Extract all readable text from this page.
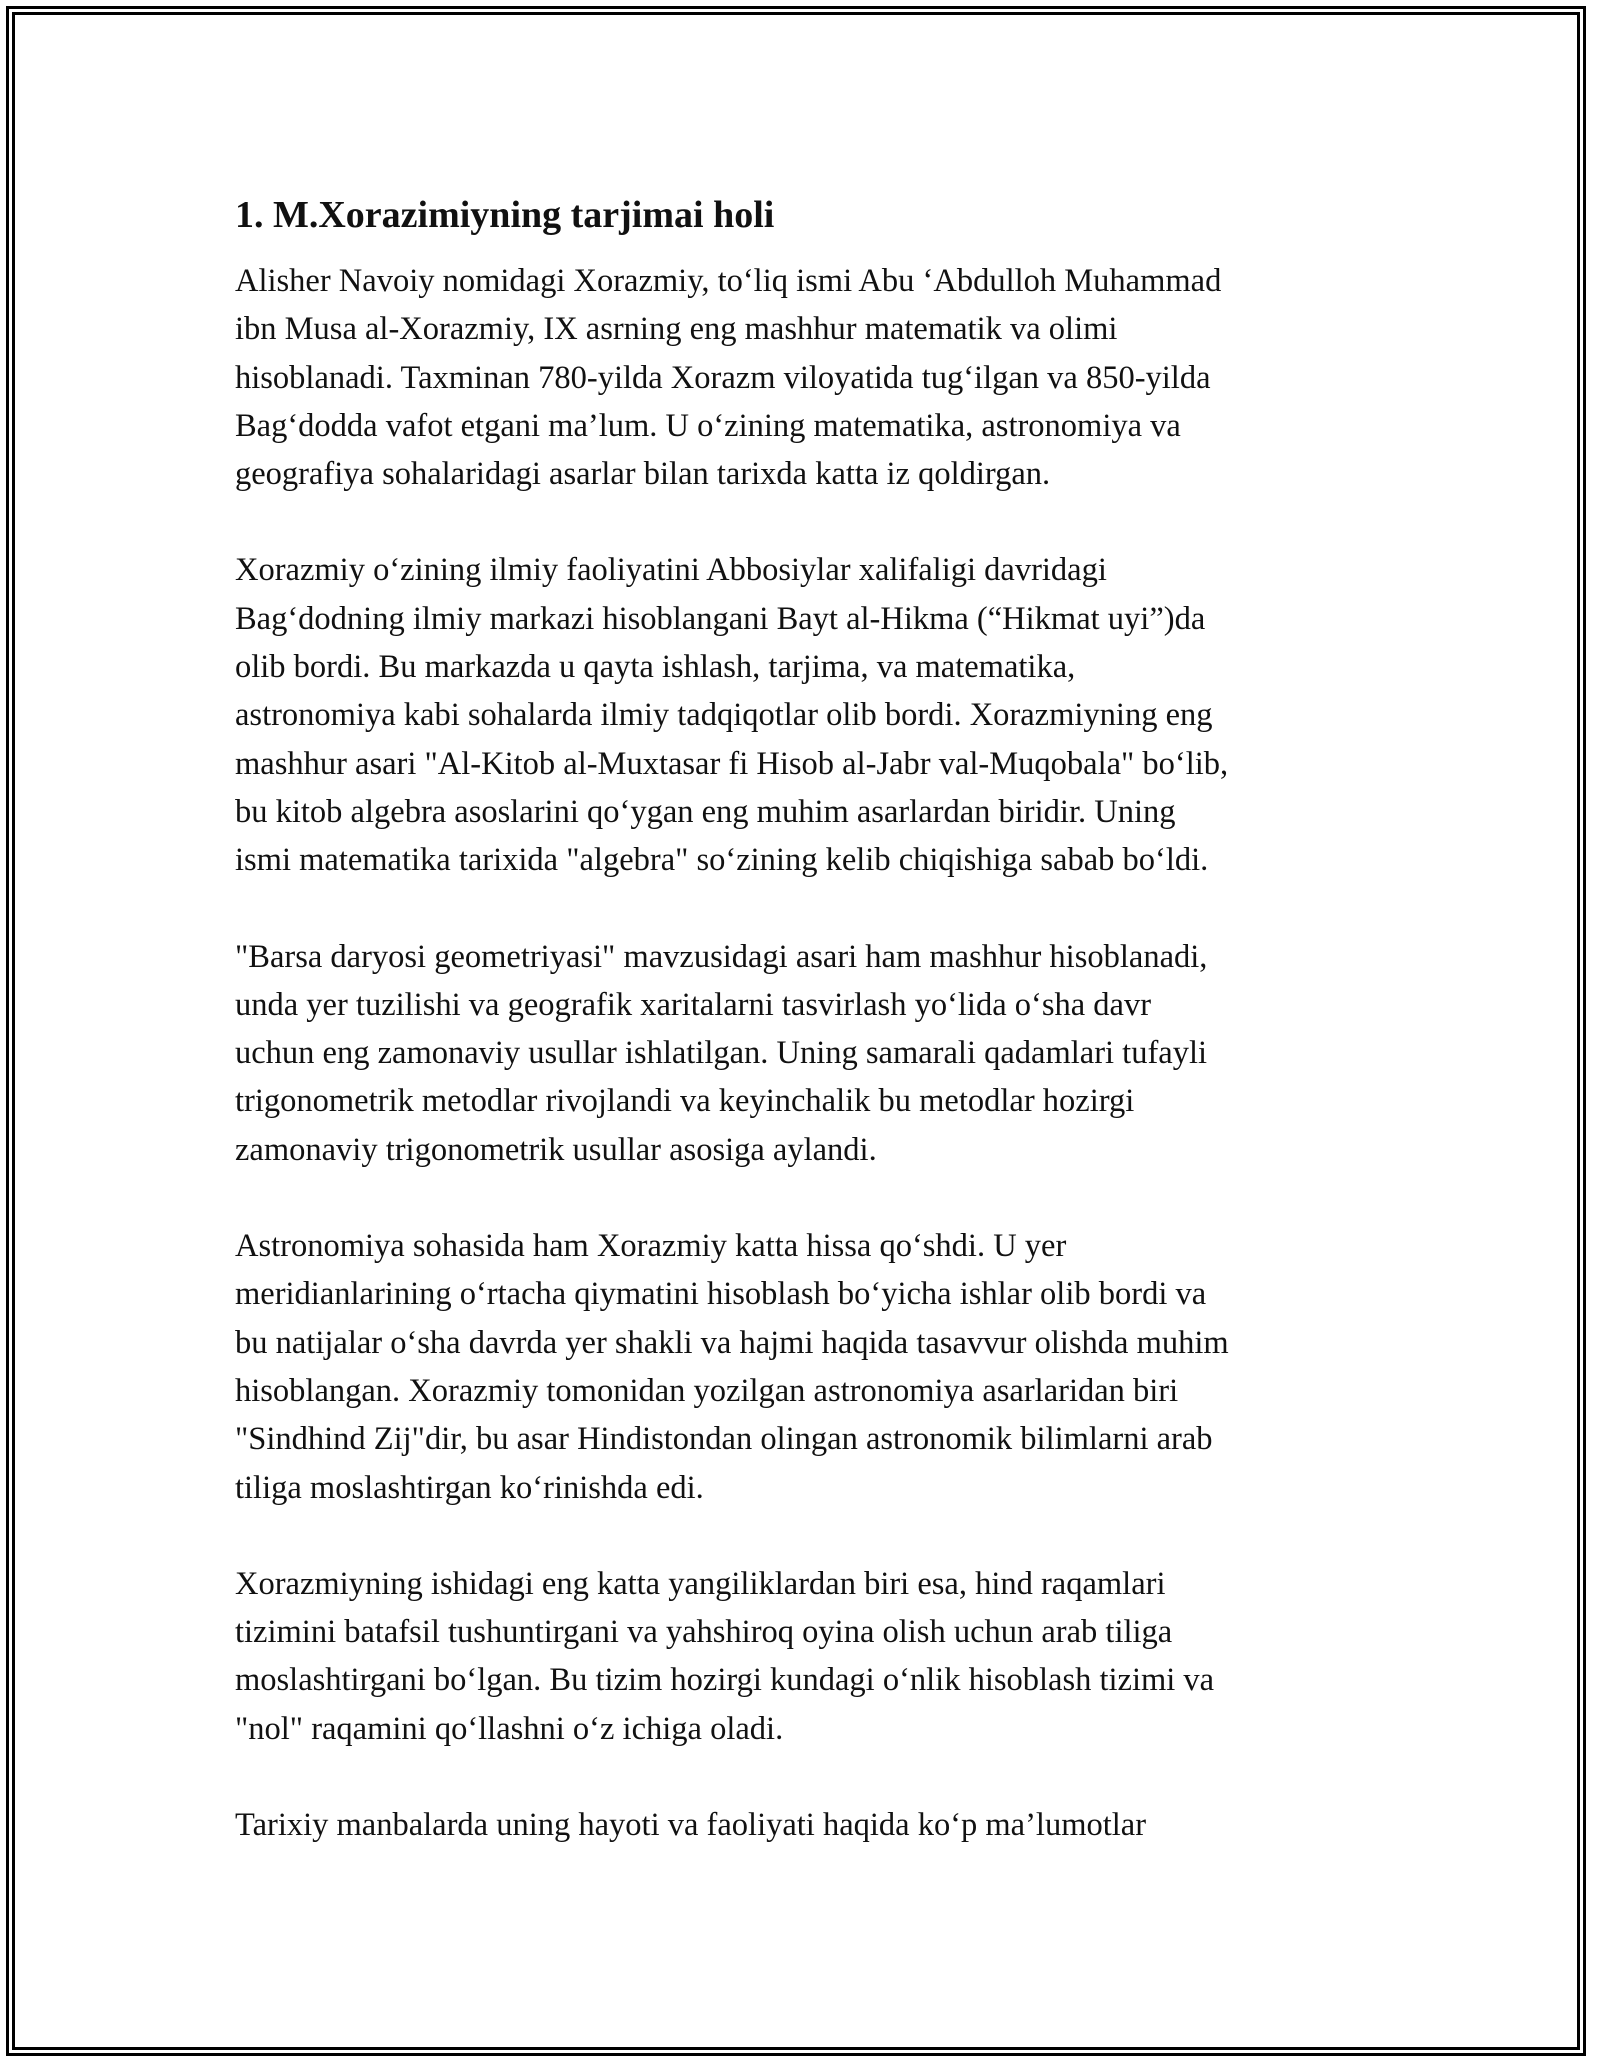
1. M.Xorazimiyning tarjimai holi
Alisher Navoiy nomidagi Xorazmiy, to‘liq ismi Abu ‘Abdulloh Muhammad
ibn Musa al-Xorazmiy, IX asrning eng mashhur matematik va olimi
hisoblanadi. Taxminan 780-yilda Xorazm viloyatida tug‘ilgan va 850-yilda
Bag‘dodda vafot etgani ma’lum. U o‘zining matematika, astronomiya va
geografiya sohalaridagi asarlar bilan tarixda katta iz qoldirgan.
Xorazmiy o‘zining ilmiy faoliyatini Abbosiylar xalifaligi davridagi
Bag‘dodning ilmiy markazi hisoblangani Bayt al-Hikma (“Hikmat uyi”)da
olib bordi. Bu markazda u qayta ishlash, tarjima, va matematika,
astronomiya kabi sohalarda ilmiy tadqiqotlar olib bordi. Xorazmiyning eng
mashhur asari "Al-Kitob al-Muxtasar fi Hisob al-Jabr val-Muqobala" bo‘lib,
bu kitob algebra asoslarini qo‘ygan eng muhim asarlardan biridir. Uning
ismi matematika tarixida "algebra" so‘zining kelib chiqishiga sabab bo‘ldi.
"Barsa daryosi geometriyasi" mavzusidagi asari ham mashhur hisoblanadi,
unda yer tuzilishi va geografik xaritalarni tasvirlash yo‘lida o‘sha davr
uchun eng zamonaviy usullar ishlatilgan. Uning samarali qadamlari tufayli
trigonometrik metodlar rivojlandi va keyinchalik bu metodlar hozirgi
zamonaviy trigonometrik usullar asosiga aylandi.
Astronomiya sohasida ham Xorazmiy katta hissa qo‘shdi. U yer
meridianlarining o‘rtacha qiymatini hisoblash bo‘yicha ishlar olib bordi va
bu natijalar o‘sha davrda yer shakli va hajmi haqida tasavvur olishda muhim
hisoblangan. Xorazmiy tomonidan yozilgan astronomiya asarlaridan biri
"Sindhind Zij"dir, bu asar Hindistondan olingan astronomik bilimlarni arab
tiliga moslashtirgan ko‘rinishda edi.
Xorazmiyning ishidagi eng katta yangiliklardan biri esa, hind raqamlari
tizimini batafsil tushuntirgani va yahshiroq oyina olish uchun arab tiliga
moslashtirgani bo‘lgan. Bu tizim hozirgi kundagi o‘nlik hisoblash tizimi va
"nol" raqamini qo‘llashni o‘z ichiga oladi.
Tarixiy manbalarda uning hayoti va faoliyati haqida ko‘p ma’lumotlar
